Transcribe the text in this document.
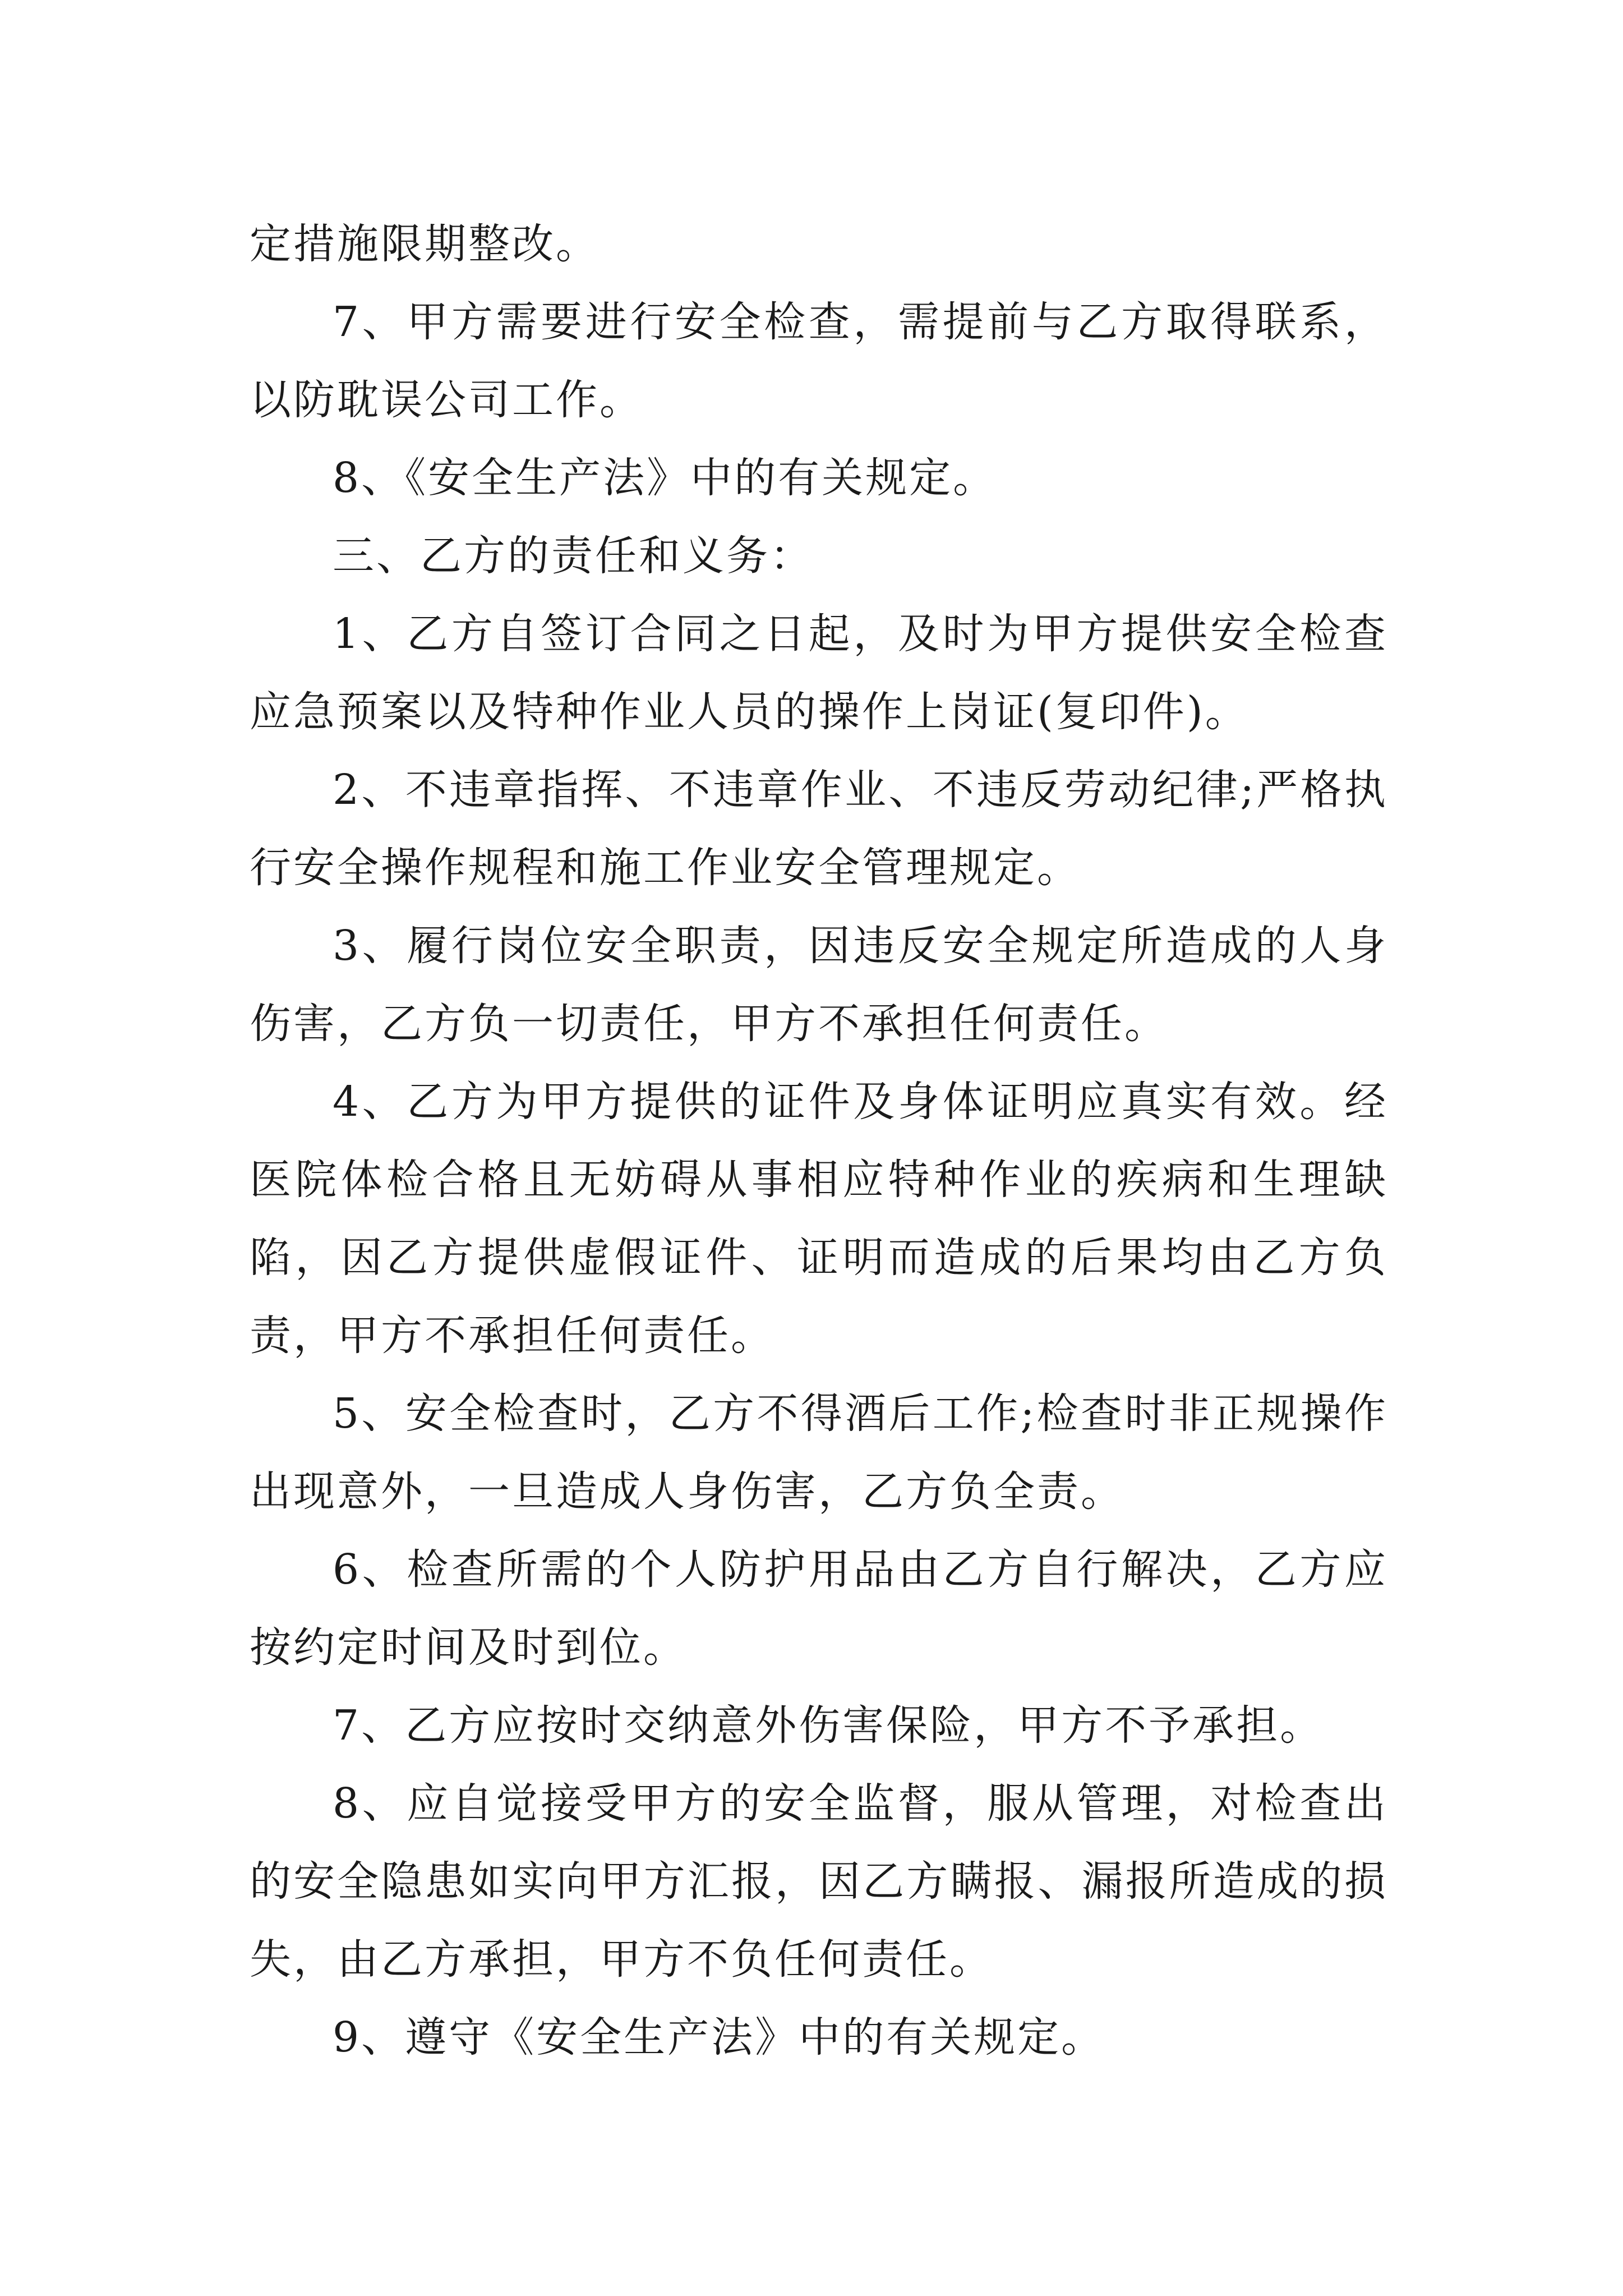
定措施限期整改。

7、甲方需要进行安全检查，需提前与乙方取得联系，以防耽误公司工作。

8、《安全生产法》中的有关规定。

三、乙方的责任和义务：

1、乙方自签订合同之日起，及时为甲方提供安全检查应急预案以及特种作业人员的操作上岗证(复印件)。

2、不违章指挥、不违章作业、不违反劳动纪律;严格执行安全操作规程和施工作业安全管理规定。

3、履行岗位安全职责，因违反安全规定所造成的人身伤害，乙方负一切责任，甲方不承担任何责任。

4、乙方为甲方提供的证件及身体证明应真实有效。经医院体检合格且无妨碍从事相应特种作业的疾病和生理缺陷，因乙方提供虚假证件、证明而造成的后果均由乙方负责，甲方不承担任何责任。

5、安全检查时，乙方不得酒后工作;检查时非正规操作出现意外，一旦造成人身伤害，乙方负全责。

6、检查所需的个人防护用品由乙方自行解决，乙方应按约定时间及时到位。

7、乙方应按时交纳意外伤害保险，甲方不予承担。

8、应自觉接受甲方的安全监督，服从管理，对检查出的安全隐患如实向甲方汇报，因乙方瞒报、漏报所造成的损失，由乙方承担，甲方不负任何责任。

9、遵守《安全生产法》中的有关规定。
